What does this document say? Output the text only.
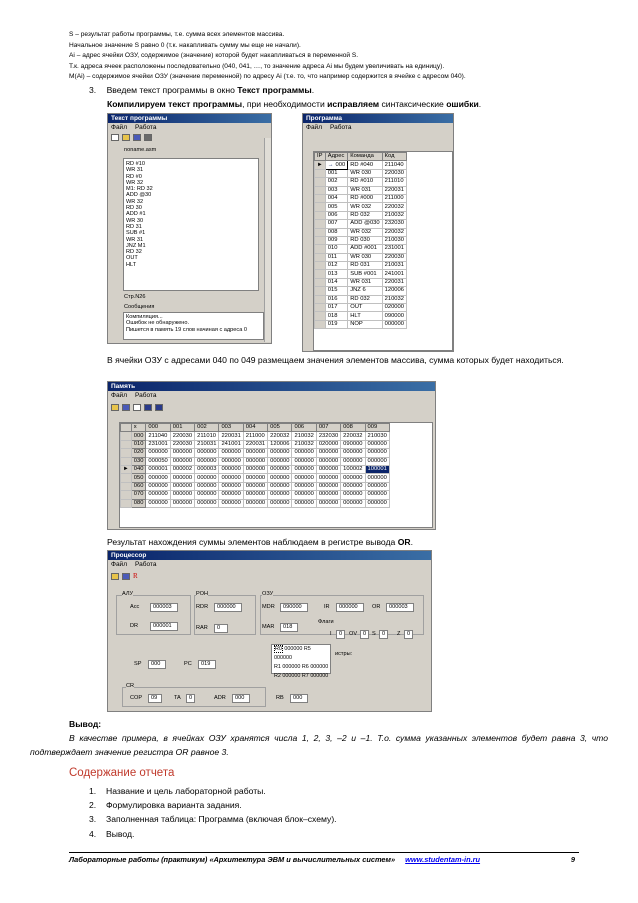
S – результат работы программы, т.е. сумма всех элементов массива.
Начальное значение S равно 0 (т.к. накапливать сумму мы еще не начали).
Ai – адрес ячейки ОЗУ, содержимое (значение) которой будет накапливаться в переменной S.
Т.к. адреса ячеек расположены последовательно (040, 041, …, то значение адреса Ai мы будем увеличивать на единицу).
M(Ai) – содержимое ячейки ОЗУ (значение переменной) по адресу Ai (т.е. то, что например содержится в ячейке с адресом 040).
3. Введем текст программы в окно Текст программы.
Компилируем текст программы, при необходимости исправляем синтаксические ошибки.
Текст программы
Файл Работа
noname.asm
RD #10
WR 31
RD #0
WR 32
M1: RD 32
ADD @30
WR 32
RD 30
ADD #1
WR 30
RD 31
SUB #1
WR 31
JNZ M1
RD 32
OUT
HLT
Стр.N26
Сообщения
Компиляция...
Ошибок не обнаружено.
Пишется в память 19 слов начиная с адреса 0
Программа
Файл Работа
IP	Адрес	Команда	Код
►	→ 000	RD #040	211040
	001	WR 030	220030
	002	RD #010	211010
	003	WR 031	220031
	004	RD #000	211000
	005	WR 032	220032
	006	RD 032	210032
	007	ADD @030	232030
	008	WR 032	220032
	009	RD 030	210030
	010	ADD #001	231001
	011	WR 030	220030
	012	RD 031	210031
	013	SUB #001	241001
	014	WR 031	220031
	015	JNZ 6	120006
	016	RD 032	210032
	017	OUT	020000
	018	HLT	090000
	019	NOP	000000
В ячейки ОЗУ с адресами 040 по 049 размещаем значения элементов массива, сумма которых будет находиться.
Память
Файл Работа
	x	000	001	002	003	004	005	006	007	008	009
	000	211040	220030	211010	220031	211000	220032	210032	232030	220032	210030
	010	231001	220030	210031	241001	220031	120006	210032	020000	090000	000000
	020	000000	000000	000000	000000	000000	000000	000000	000000	000000	000000
	030	000050	000000	000000	000000	000000	000000	000000	000000	000000	000000
►	040	000001	000002	000003	000000	000000	000000	000000	000000	100002	100001
	050	000000	000000	000000	000000	000000	000000	000000	000000	000000	000000
	060	000000	000000	000000	000000	000000	000000	000000	000000	000000	000000
	070	000000	000000	000000	000000	000000	000000	000000	000000	000000	000000
	080	000000	000000	000000	000000	000000	000000	000000	000000	000000	000000
Результат нахождения суммы элементов наблюдаем в регистре вывода OR.
Процессор
Файл Работа
R
АЛУ
Acc	000003
DR	000001
РОН
RDR	000000
RAR	0
ОЗУ
MDR	090000	IR	000000	OR	000003
MAR	018
Флаги
I	0	OV	0	S	0	Z	0
R0 000000 R5 000000
R1 000000 R6 000000
R2 000000 R7 000000
истры:
SP	000	PC	019
CR
COP	09	TA	0	ADR	000	RB	000
Вывод:
В качестве примера, в ячейках ОЗУ хранятся числа 1, 2, 3, –2 и –1. Т.о. сумма указанных элементов будет равна 3, что подтверждает значение регистра OR равное 3.
Содержание отчета
1. Название и цель лабораторной работы.
2. Формулировка варианта задания.
3. Заполненная таблица: Программа (включая блок–схему).
4. Вывод.
Лабораторные работы (практикум) «Архитектура ЭВМ и вычислительных систем» www.studentam-in.ru	9
